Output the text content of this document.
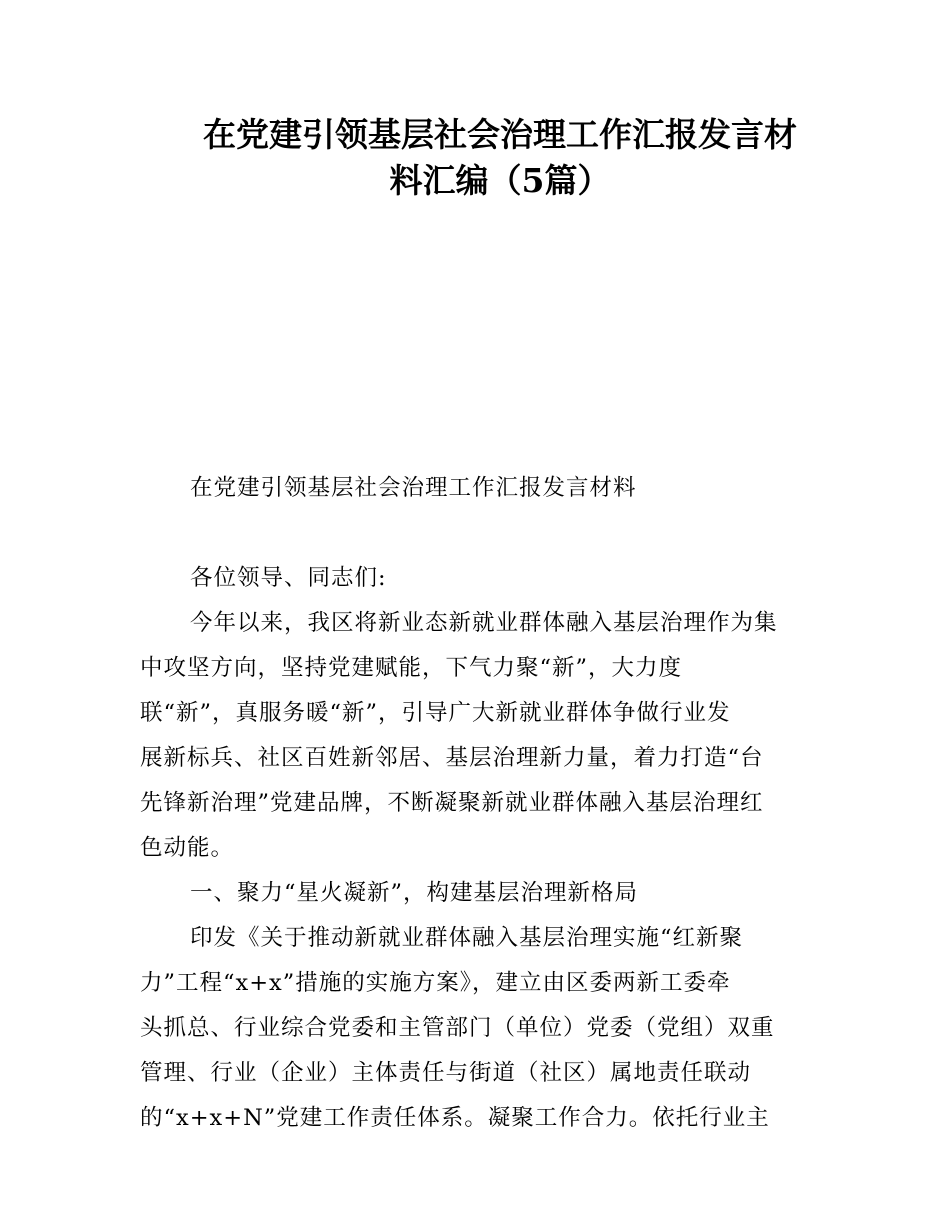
在党建引领基层社会治理工作汇报发言材
料汇编（5篇）
在党建引领基层社会治理工作汇报发言材料
各位领导、同志们:
今年以来，我区将新业态新就业群体融入基层治理作为集
中攻坚方向，坚持党建赋能，下气力聚“新”，大力度
联“新”，真服务暖“新”，引导广大新就业群体争做行业发
展新标兵、社区百姓新邻居、基层治理新力量，着力打造“台
先锋新治理”党建品牌，不断凝聚新就业群体融入基层治理红
色动能。
一、聚力“星火凝新”，构建基层治理新格局
印发《关于推动新就业群体融入基层治理实施“红新聚
力”工程“x+x”措施的实施方案》，建立由区委两新工委牵
头抓总、行业综合党委和主管部门（单位）党委（党组）双重
管理、行业（企业）主体责任与街道（社区）属地责任联动
的“x+x+N”党建工作责任体系。凝聚工作合力。依托行业主
